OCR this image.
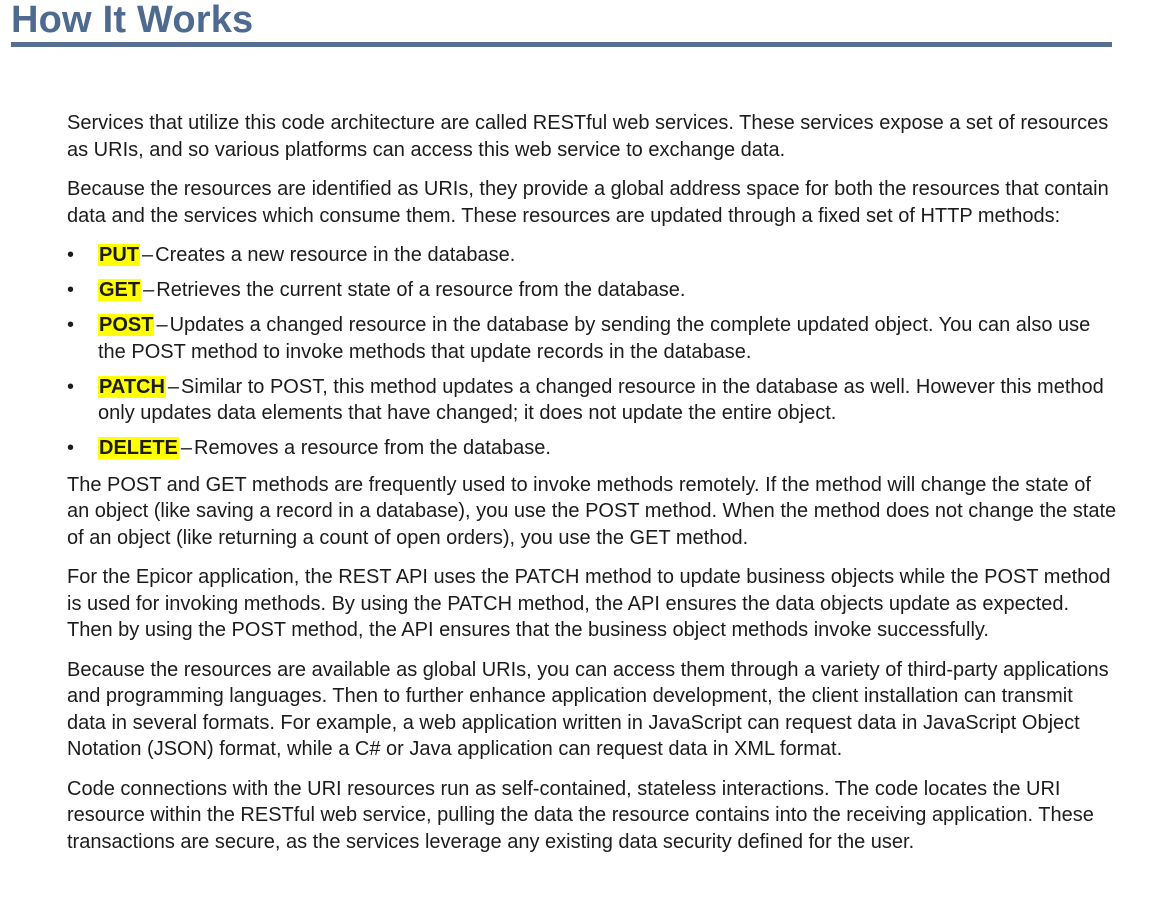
How It Works

Services that utilize this code architecture are called RESTful web services. These services expose a set of resources as URIs, and so various platforms can access this web service to exchange data.

Because the resources are identified as URIs, they provide a global address space for both the resources that contain data and the services which consume them. These resources are updated through a fixed set of HTTP methods:

• PUT – Creates a new resource in the database.
• GET – Retrieves the current state of a resource from the database.
• POST – Updates a changed resource in the database by sending the complete updated object. You can also use the POST method to invoke methods that update records in the database.
• PATCH – Similar to POST, this method updates a changed resource in the database as well. However this method only updates data elements that have changed; it does not update the entire object.
• DELETE – Removes a resource from the database.

The POST and GET methods are frequently used to invoke methods remotely. If the method will change the state of an object (like saving a record in a database), you use the POST method. When the method does not change the state of an object (like returning a count of open orders), you use the GET method.

For the Epicor application, the REST API uses the PATCH method to update business objects while the POST method is used for invoking methods. By using the PATCH method, the API ensures the data objects update as expected. Then by using the POST method, the API ensures that the business object methods invoke successfully.

Because the resources are available as global URIs, you can access them through a variety of third-party applications and programming languages. Then to further enhance application development, the client installation can transmit data in several formats. For example, a web application written in JavaScript can request data in JavaScript Object Notation (JSON) format, while a C# or Java application can request data in XML format.

Code connections with the URI resources run as self-contained, stateless interactions. The code locates the URI resource within the RESTful web service, pulling the data the resource contains into the receiving application. These transactions are secure, as the services leverage any existing data security defined for the user.
